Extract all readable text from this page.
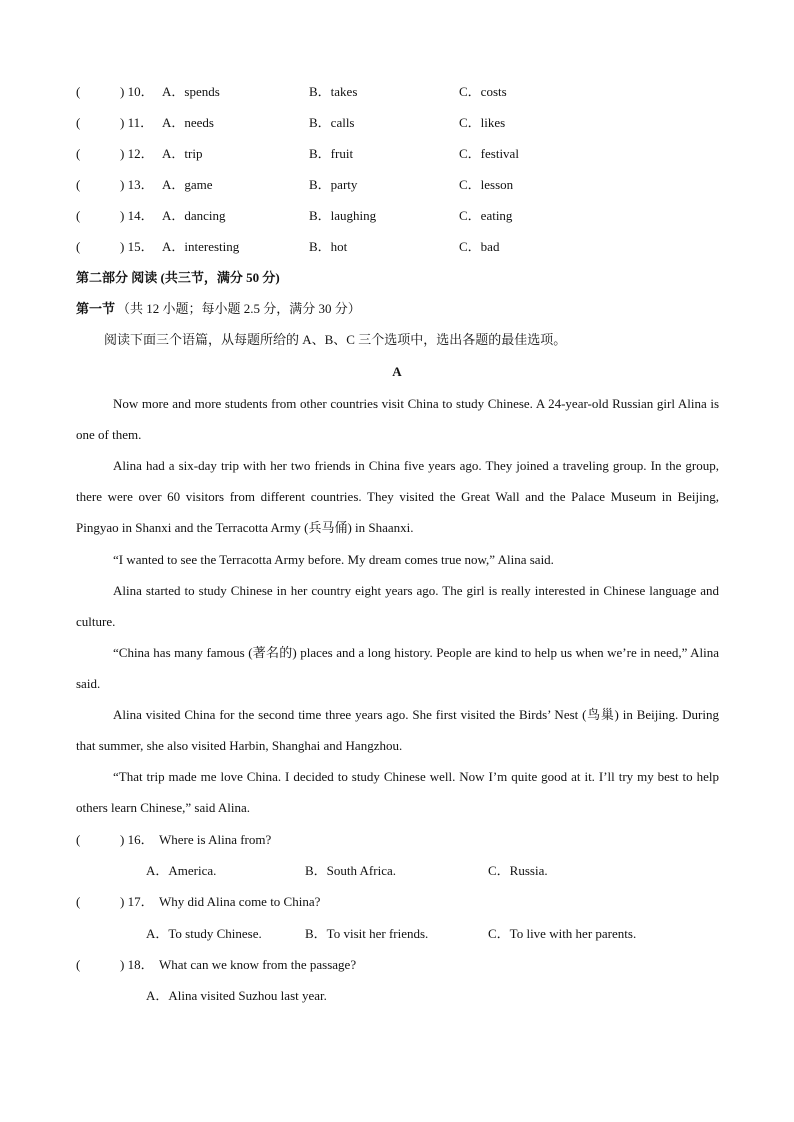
(	) 10． A．spends	B．takes	C．costs
(	) 11． A．needs	B．calls	C．likes
(	) 12． A．trip	B．fruit	C．festival
(	) 13． A．game	B．party	C．lesson
(	) 14． A．dancing	B．laughing	C．eating
(	) 15． A．interesting	B．hot	C．bad
第二部分 阅读 (共三节，满分 50 分)
第一节 （共 12 小题；每小题 2.5 分，满分 30 分）
阅读下面三个语篇，从每题所给的 A、B、C 三个选项中，选出各题的最佳选项。
A
Now more and more students from other countries visit China to study Chinese. A 24-year-old Russian girl Alina is one of them.
Alina had a six-day trip with her two friends in China five years ago. They joined a traveling group. In the group, there were over 60 visitors from different countries. They visited the Great Wall and the Palace Museum in Beijing, Pingyao in Shanxi and the Terracotta Army (兵马俑) in Shaanxi.
“I wanted to see the Terracotta Army before. My dream comes true now,” Alina said.
Alina started to study Chinese in her country eight years ago. The girl is really interested in Chinese language and culture.
“China has many famous (著名的) places and a long history. People are kind to help us when we’re in need,” Alina said.
Alina visited China for the second time three years ago. She first visited the Birds’ Nest (鸟巢) in Beijing. During that summer, she also visited Harbin, Shanghai and Hangzhou.
“That trip made me love China. I decided to study Chinese well. Now I’m quite good at it. I’ll try my best to help others learn Chinese,” said Alina.
(	) 16． Where is Alina from?
A．America.	B．South Africa.	C．Russia.
(	) 17． Why did Alina come to China?
A．To study Chinese.	B．To visit her friends.	C．To live with her parents.
(	) 18． What can we know from the passage?
A．Alina visited Suzhou last year.
